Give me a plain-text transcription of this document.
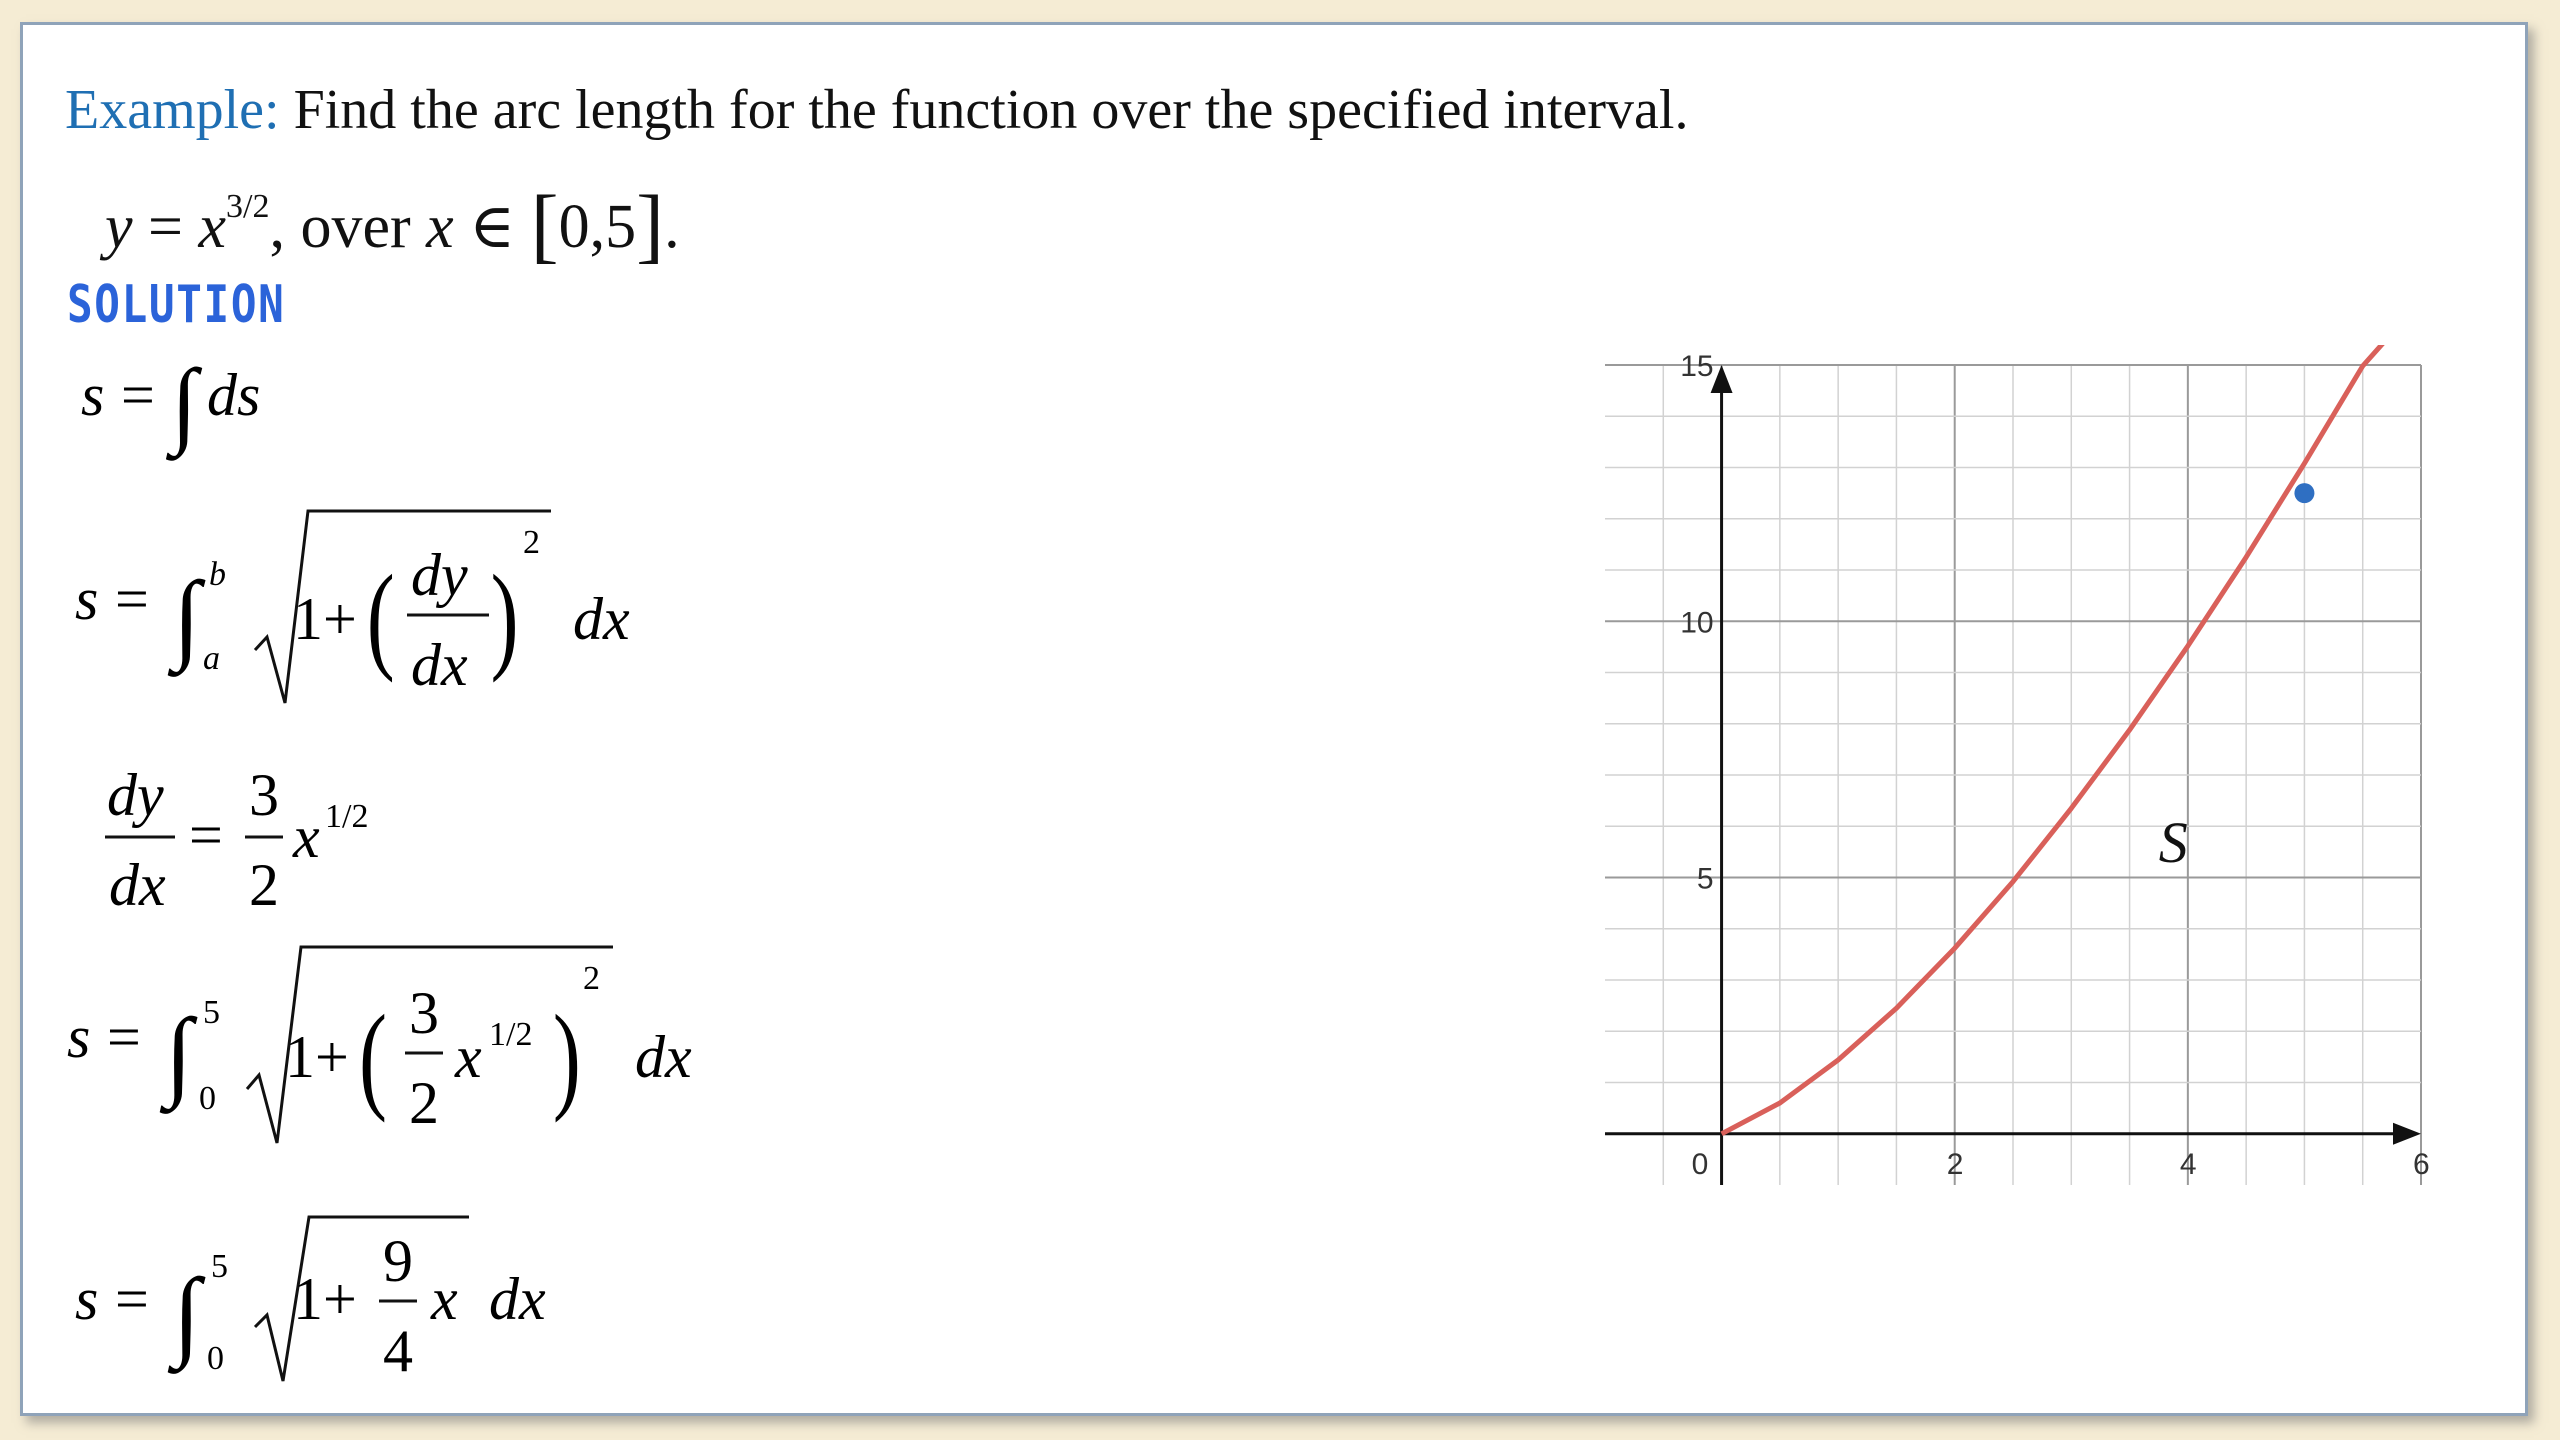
Example: Find the arc length for the function over the specified interval.
$y = x^{3/2}$, over x ∈ [0,5].
SOLUTION
s = ∫ ds
s = ∫ b
a
1+ ( dy
dx )
2
dx
dy
dx
=
3
2
x 1/2
s = ∫ 5
0
1+ ( 3
2
x 1/2 )
2
dx
s = ∫ 5
0
1+
9
4
x dx
0	2	4	6
5
10
15
S
